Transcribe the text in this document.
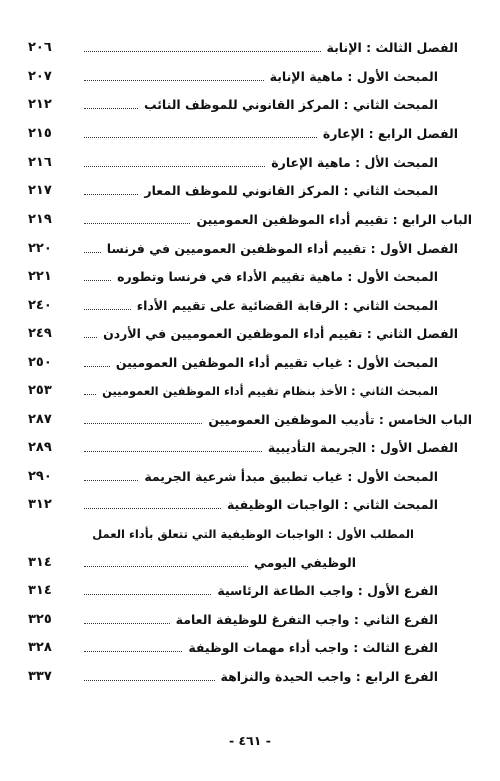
الفصل الثالث : الإنابة
٢٠٦
المبحث الأول : ماهية الإنابة
٢٠٧
المبحث الثاني : المركز القانوني للموظف النائب
٢١٢
الفصل الرابع : الإعارة
٢١٥
المبحث الأل : ماهية الإعارة
٢١٦
المبحث الثاني : المركز القانوني للموظف المعار
٢١٧
الباب الرابع : تقييم أداء الموظفين العموميين
٢١٩
الفصل الأول : تقييم أداء الموظفين العموميين في فرنسا
٢٢٠
المبحث الأول : ماهية تقييم الأداء في فرنسا وتطوره
٢٢١
المبحث الثاني : الرقابة القضائية على تقييم الأداء
٢٤٠
الفصل الثاني : تقييم أداء الموظفين العموميين في الأردن
٢٤٩
المبحث الأول : غياب تقييم أداء الموظفين العموميين
٢٥٠
المبحث الثاني : الأخذ بنظام تقييم أداء الموظفين العموميين
٢٥٣
الباب الخامس : تأديب الموظفين العموميين
٢٨٧
الفصل الأول : الجريمة التأديبية
٢٨٩
المبحث الأول : غياب تطبيق مبدأ شرعية الجريمة
٢٩٠
المبحث الثاني : الواجبات الوظيفية
٣١٢
المطلب الأول : الواجبات الوظيفية التي تتعلق بأداء العمل
الوظيفي اليومي
٣١٤
الفرع الأول : واجب الطاعة الرئاسية
٣١٤
الفرع الثاني : واجب التفرغ للوظيفة العامة
٣٢٥
الفرع الثالث : واجب أداء مهمات الوظيفة
٣٢٨
الفرع الرابع : واجب الحيدة والنزاهة
٣٣٧
- ٤٦١ -
